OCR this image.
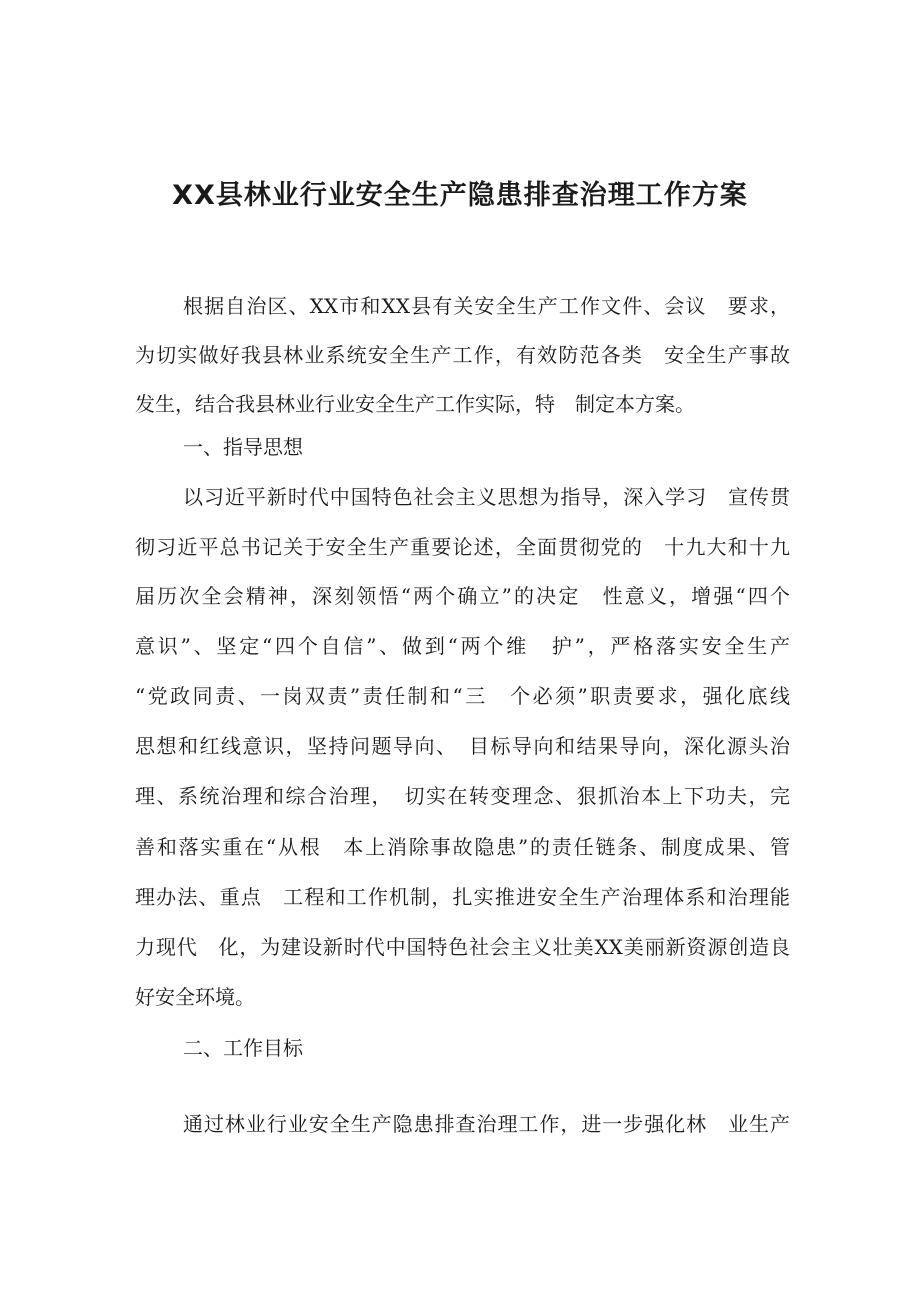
XX县林业行业安全生产隐患排查治理工作方案

根据自治区、XX市和XX县有关安全生产工作文件、会议　要求，

为切实做好我县林业系统安全生产工作，有效防范各类　安全生产事故

发生，结合我县林业行业安全生产工作实际，特　制定本方案。

一、指导思想

以习近平新时代中国特色社会主义思想为指导，深入学习　宣传贯

彻习近平总书记关于安全生产重要论述，全面贯彻党的　十九大和十九

届历次全会精神，深刻领悟“两个确立”的决定　性意义，增强“四个

意识”、坚定“四个自信”、做到“两个维　护”，严格落实安全生产

“党政同责、一岗双责”责任制和“三　个必须”职责要求，强化底线

思想和红线意识，坚持问题导向、　目标导向和结果导向，深化源头治

理、系统治理和综合治理，　切实在转变理念、狠抓治本上下功夫，完

善和落实重在“从根　本上消除事故隐患”的责任链条、制度成果、管

理办法、重点　工程和工作机制，扎实推进安全生产治理体系和治理能

力现代　化，为建设新时代中国特色社会主义壮美XX美丽新资源创造良

好安全环境。

二、工作目标

通过林业行业安全生产隐患排查治理工作，进一步强化林　业生产
